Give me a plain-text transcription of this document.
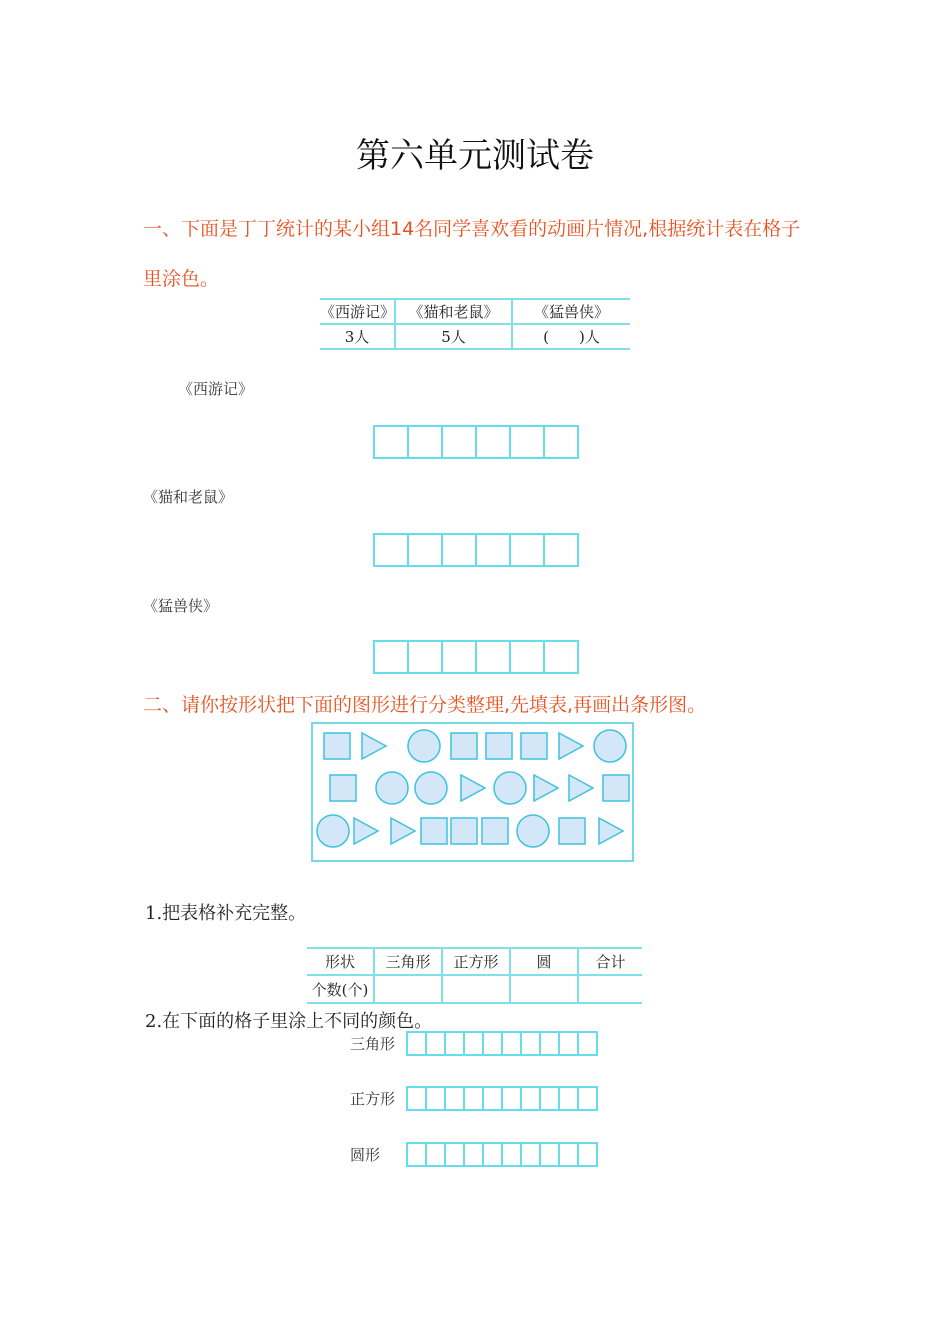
第六单元测试卷
一、下面是丁丁统计的某小组14名同学喜欢看的动画片情况,根据统计表在格子
里涂色。
《西游记》	《猫和老鼠》	《猛兽侠》
3人	5人	(　　)人
《西游记》
《猫和老鼠》
《猛兽侠》
二、请你按形状把下面的图形进行分类整理,先填表,再画出条形图。
1.把表格补充完整。
形状	三角形	正方形	圆	合计
个数(个)				
2.在下面的格子里涂上不同的颜色。
三角形
正方形
圆形
